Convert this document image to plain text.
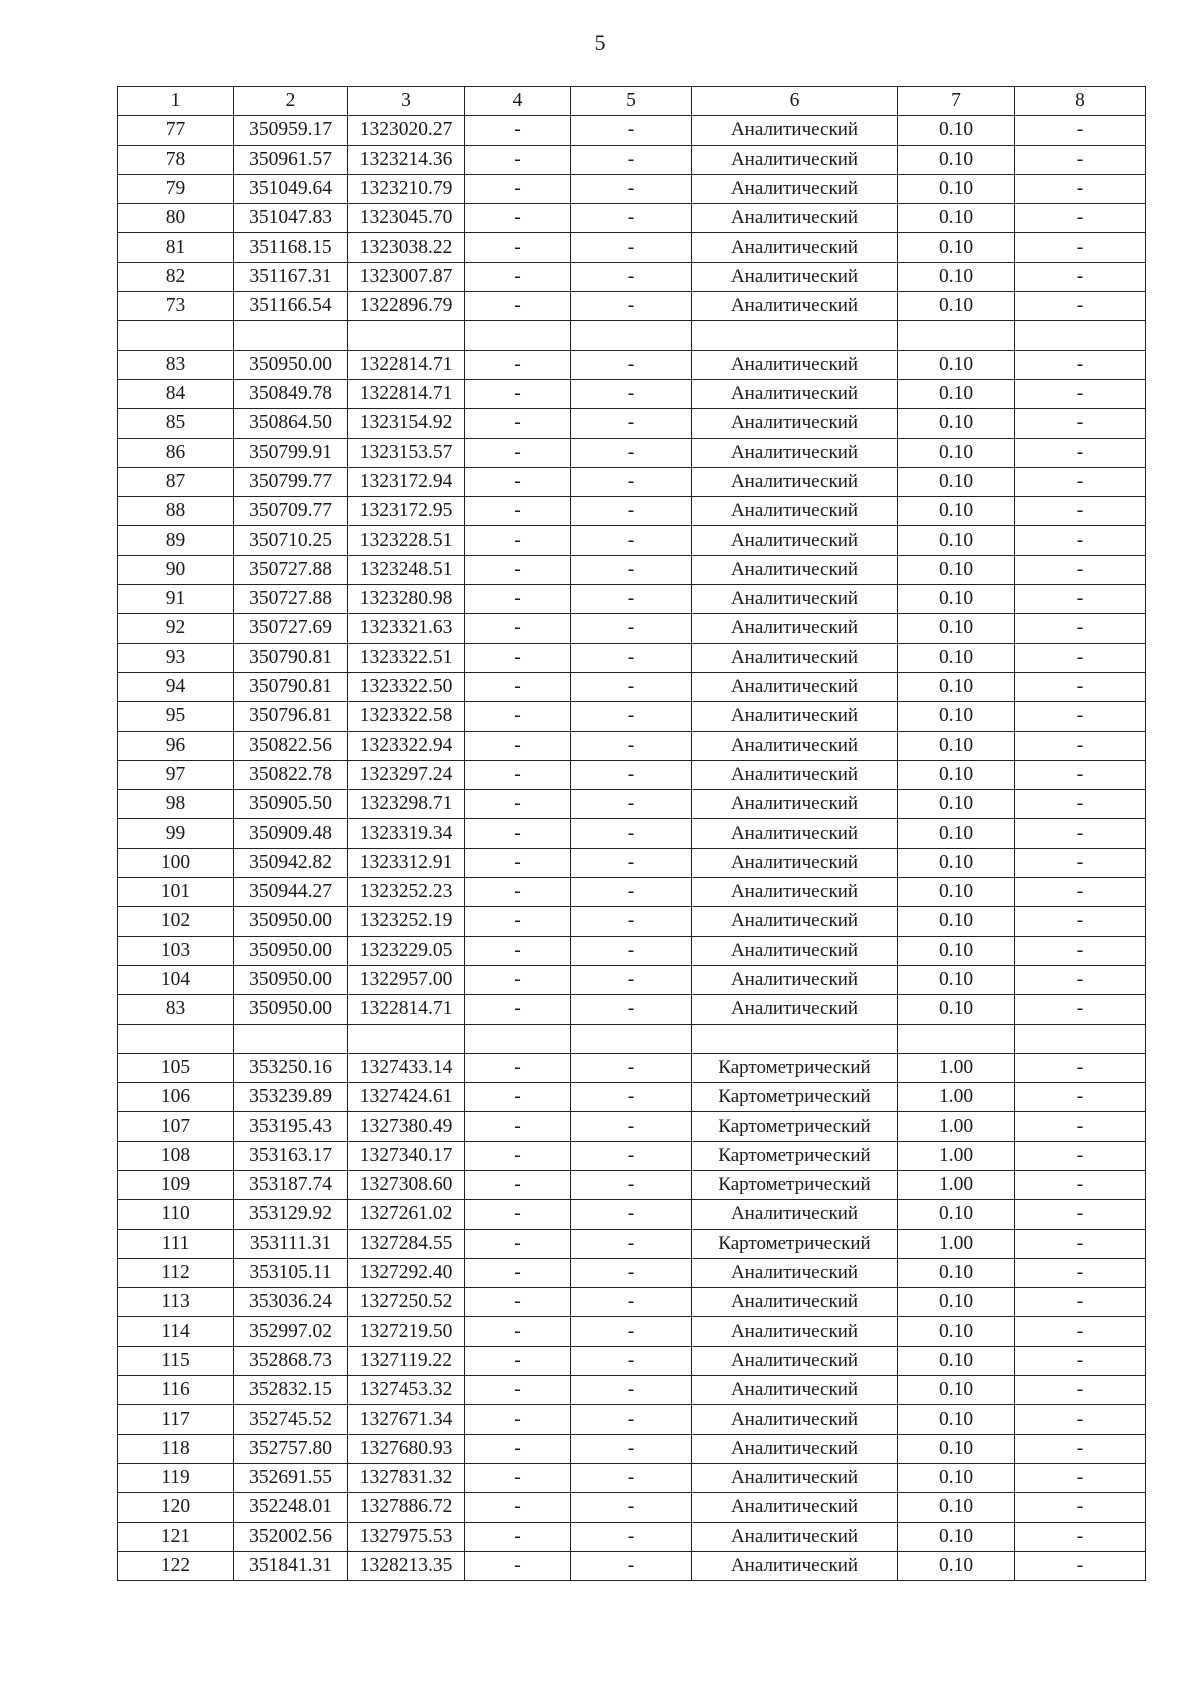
5
1	2	3	4	5	6	7	8
77	350959.17	1323020.27	-	-	Аналитический	0.10	-
78	350961.57	1323214.36	-	-	Аналитический	0.10	-
79	351049.64	1323210.79	-	-	Аналитический	0.10	-
80	351047.83	1323045.70	-	-	Аналитический	0.10	-
81	351168.15	1323038.22	-	-	Аналитический	0.10	-
82	351167.31	1323007.87	-	-	Аналитический	0.10	-
73	351166.54	1322896.79	-	-	Аналитический	0.10	-

83	350950.00	1322814.71	-	-	Аналитический	0.10	-
84	350849.78	1322814.71	-	-	Аналитический	0.10	-
85	350864.50	1323154.92	-	-	Аналитический	0.10	-
86	350799.91	1323153.57	-	-	Аналитический	0.10	-
87	350799.77	1323172.94	-	-	Аналитический	0.10	-
88	350709.77	1323172.95	-	-	Аналитический	0.10	-
89	350710.25	1323228.51	-	-	Аналитический	0.10	-
90	350727.88	1323248.51	-	-	Аналитический	0.10	-
91	350727.88	1323280.98	-	-	Аналитический	0.10	-
92	350727.69	1323321.63	-	-	Аналитический	0.10	-
93	350790.81	1323322.51	-	-	Аналитический	0.10	-
94	350790.81	1323322.50	-	-	Аналитический	0.10	-
95	350796.81	1323322.58	-	-	Аналитический	0.10	-
96	350822.56	1323322.94	-	-	Аналитический	0.10	-
97	350822.78	1323297.24	-	-	Аналитический	0.10	-
98	350905.50	1323298.71	-	-	Аналитический	0.10	-
99	350909.48	1323319.34	-	-	Аналитический	0.10	-
100	350942.82	1323312.91	-	-	Аналитический	0.10	-
101	350944.27	1323252.23	-	-	Аналитический	0.10	-
102	350950.00	1323252.19	-	-	Аналитический	0.10	-
103	350950.00	1323229.05	-	-	Аналитический	0.10	-
104	350950.00	1322957.00	-	-	Аналитический	0.10	-
83	350950.00	1322814.71	-	-	Аналитический	0.10	-

105	353250.16	1327433.14	-	-	Картометрический	1.00	-
106	353239.89	1327424.61	-	-	Картометрический	1.00	-
107	353195.43	1327380.49	-	-	Картометрический	1.00	-
108	353163.17	1327340.17	-	-	Картометрический	1.00	-
109	353187.74	1327308.60	-	-	Картометрический	1.00	-
110	353129.92	1327261.02	-	-	Аналитический	0.10	-
111	353111.31	1327284.55	-	-	Картометрический	1.00	-
112	353105.11	1327292.40	-	-	Аналитический	0.10	-
113	353036.24	1327250.52	-	-	Аналитический	0.10	-
114	352997.02	1327219.50	-	-	Аналитический	0.10	-
115	352868.73	1327119.22	-	-	Аналитический	0.10	-
116	352832.15	1327453.32	-	-	Аналитический	0.10	-
117	352745.52	1327671.34	-	-	Аналитический	0.10	-
118	352757.80	1327680.93	-	-	Аналитический	0.10	-
119	352691.55	1327831.32	-	-	Аналитический	0.10	-
120	352248.01	1327886.72	-	-	Аналитический	0.10	-
121	352002.56	1327975.53	-	-	Аналитический	0.10	-
122	351841.31	1328213.35	-	-	Аналитический	0.10	-
